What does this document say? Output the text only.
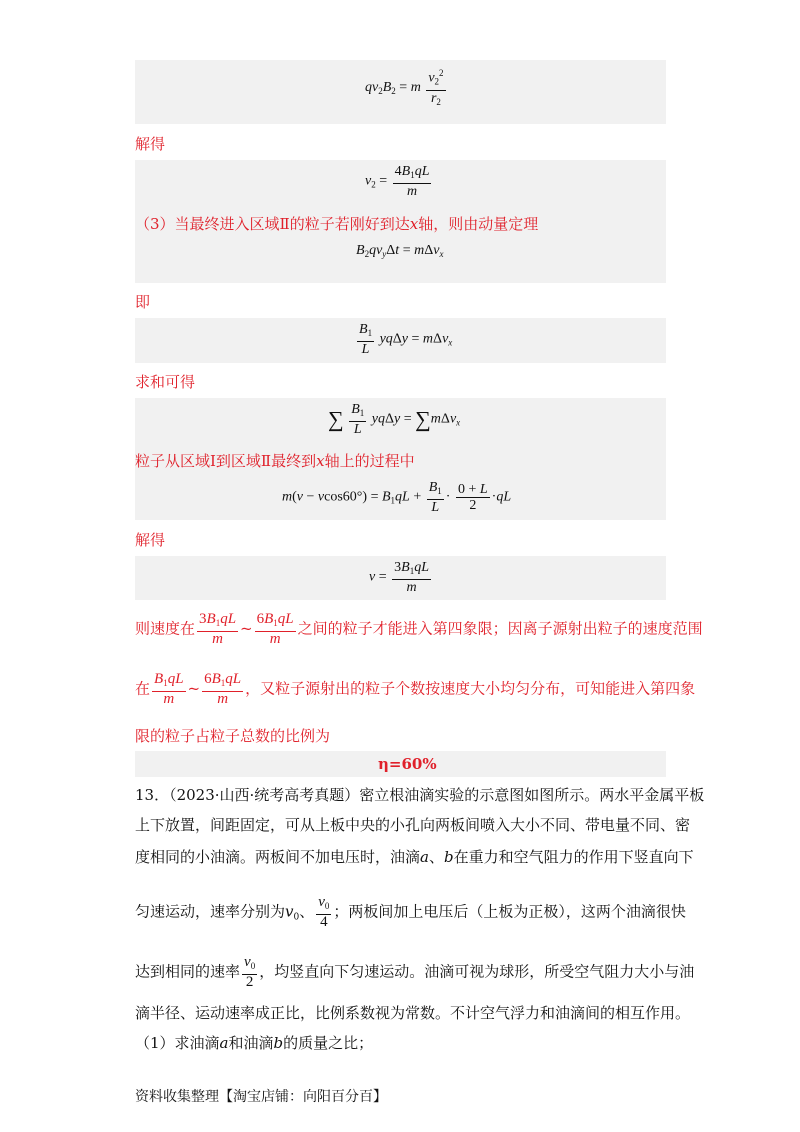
$qv_2B_2 = m \frac{v_2^2}{r_2}$
解得
$v_2 = \frac{4B_1qL}{m}$
（3）当最终进入区域Ⅱ的粒子若刚好到达x轴，则由动量定理
$B_2qv_y\Delta t = m\Delta v_x$
即
$\frac{B_1}{L}$ yqΔy = mΔv$_x$
求和可得
∑ $\frac{B_1}{L}$ yqΔy = ∑mΔv$_x$
粒子从区域Ⅰ到区域Ⅱ最终到x轴上的过程中
$m(v - vcos60^\circ) = B_1qL + \frac{B_1}{L} \cdot \frac{0 + L}{2} \cdot qL$
解得
$v = \frac{3B_1qL}{m}$
则速度在 $\frac{3B_1qL}{m}$ ~ $\frac{6B_1qL}{m}$ 之间的粒子才能进入第四象限；因离子源射出粒子的速度范围
在 $\frac{B_1qL}{m}$ ~ $\frac{6B_1qL}{m}$ ，又粒子源射出的粒子个数按速度大小均匀分布，可知能进入第四象
限的粒子占粒子总数的比例为
η=60%
13．（2023·山西·统考高考真题）密立根油滴实验的示意图如图所示。两水平金属平板
上下放置，间距固定，可从上板中央的小孔向两板间喷入大小不同、带电量不同、密
度相同的小油滴。两板间不加电压时，油滴a、b在重力和空气阻力的作用下竖直向下
匀速运动，速率分别为$v_0$、 $\frac{v_0}{4}$ ；两板间加上电压后（上板为正极），这两个油滴很快
达到相同的速率 $\frac{v_0}{2}$ ，均竖直向下匀速运动。油滴可视为球形，所受空气阻力大小与油
滴半径、运动速率成正比，比例系数视为常数。不计空气浮力和油滴间的相互作用。
（1）求油滴a和油滴b的质量之比；
资料收集整理【淘宝店铺：向阳百分百】
